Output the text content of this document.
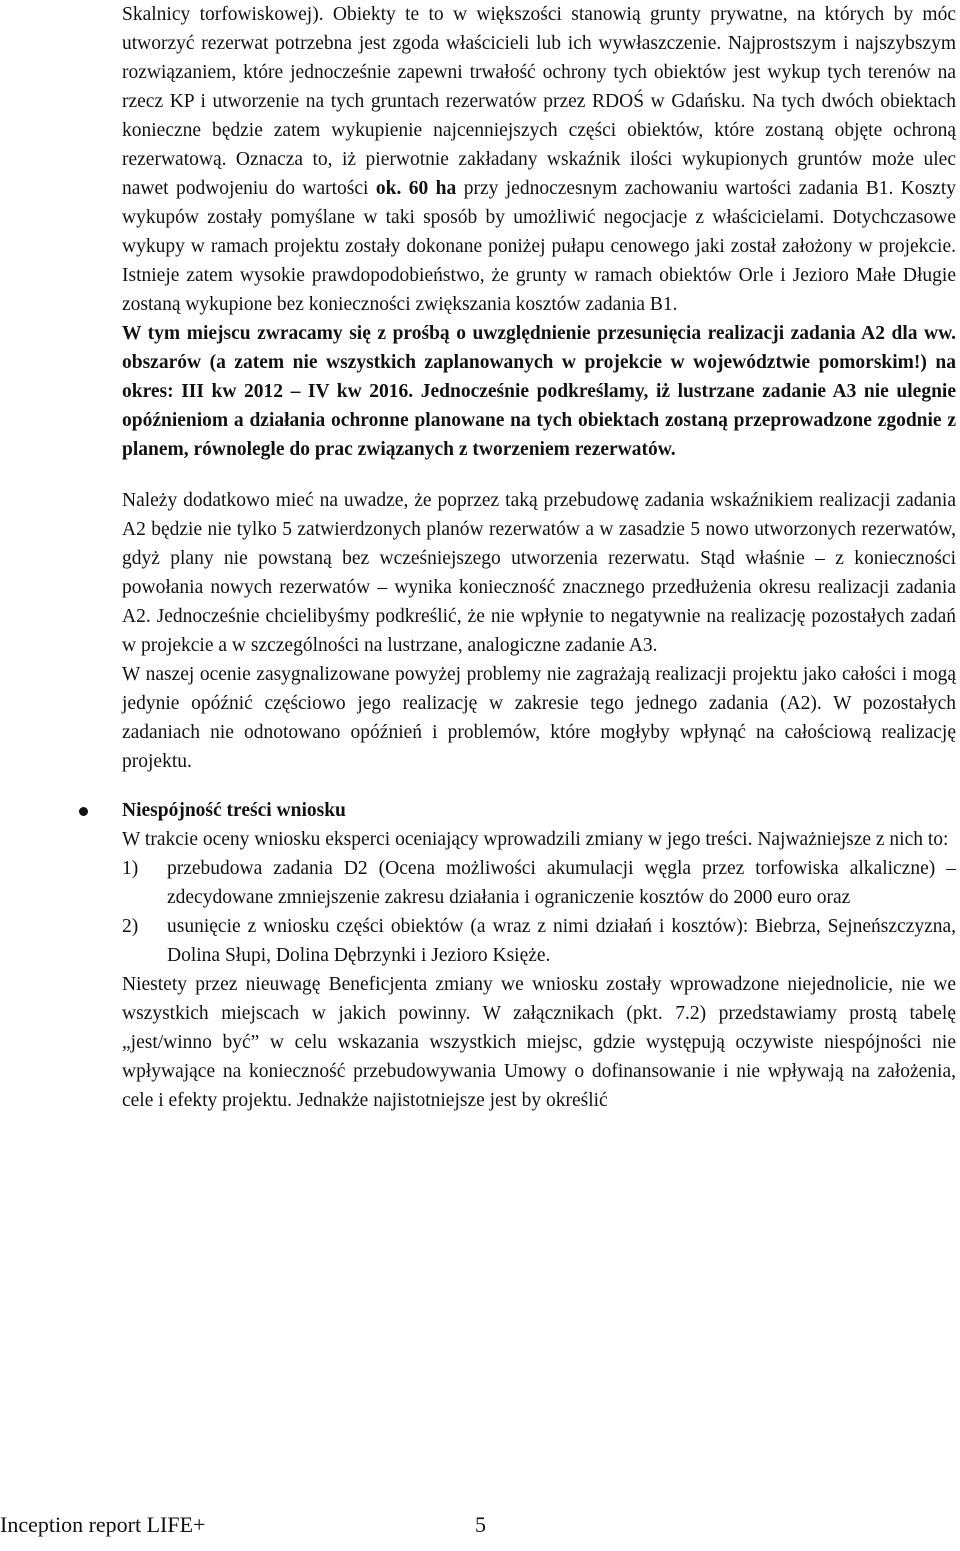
Skalnicy torfowiskowej). Obiekty te to w większości stanowią grunty prywatne, na których by móc utworzyć rezerwat potrzebna jest zgoda właścicieli lub ich wywłaszczenie. Najprostszym i najszybszym rozwiązaniem, które jednocześnie zapewni trwałość ochrony tych obiektów jest wykup tych terenów na rzecz KP i utworzenie na tych gruntach rezerwatów przez RDOŚ w Gdańsku. Na tych dwóch obiektach konieczne będzie zatem wykupienie najcenniejszych części obiektów, które zostaną objęte ochroną rezerwatową. Oznacza to, iż pierwotnie zakładany wskaźnik ilości wykupionych gruntów może ulec nawet podwojeniu do wartości ok. 60 ha przy jednoczesnym zachowaniu wartości zadania B1. Koszty wykupów zostały pomyślane w taki sposób by umożliwić negocjacje z właścicielami. Dotychczasowe wykupy w ramach projektu zostały dokonane poniżej pułapu cenowego jaki został założony w projekcie. Istnieje zatem wysokie prawdopodobieństwo, że grunty w ramach obiektów Orle i Jezioro Małe Długie zostaną wykupione bez konieczności zwiększania kosztów zadania B1.

W tym miejscu zwracamy się z prośbą o uwzględnienie przesunięcia realizacji zadania A2 dla ww. obszarów (a zatem nie wszystkich zaplanowanych w projekcie w województwie pomorskim!) na okres: III kw 2012 – IV kw 2016. Jednocześnie podkreślamy, iż lustrzane zadanie A3 nie ulegnie opóźnieniom a działania ochronne planowane na tych obiektach zostaną przeprowadzone zgodnie z planem, równolegle do prac związanych z tworzeniem rezerwatów.

Należy dodatkowo mieć na uwadze, że poprzez taką przebudowę zadania wskaźnikiem realizacji zadania A2 będzie nie tylko 5 zatwierdzonych planów rezerwatów a w zasadzie 5 nowo utworzonych rezerwatów, gdyż plany nie powstaną bez wcześniejszego utworzenia rezerwatu. Stąd właśnie – z konieczności powołania nowych rezerwatów – wynika konieczność znacznego przedłużenia okresu realizacji zadania A2. Jednocześnie chcielibyśmy podkreślić, że nie wpłynie to negatywnie na realizację pozostałych zadań w projekcie a w szczególności na lustrzane, analogiczne zadanie A3.

W naszej ocenie zasygnalizowane powyżej problemy nie zagrażają realizacji projektu jako całości i mogą jedynie opóźnić częściowo jego realizację w zakresie tego jednego zadania (A2). W pozostałych zadaniach nie odnotowano opóźnień i problemów, które mogłyby wpłynąć na całościową realizację projektu.

Niespójność treści wniosku

W trakcie oceny wniosku eksperci oceniający wprowadzili zmiany w jego treści. Najważniejsze z nich to:

1) przebudowa zadania D2 (Ocena możliwości akumulacji węgla przez torfowiska alkaliczne) – zdecydowane zmniejszenie zakresu działania i ograniczenie kosztów do 2000 euro oraz
2) usunięcie z wniosku części obiektów (a wraz z nimi działań i kosztów): Biebrza, Sejneńszczyzna, Dolina Słupi, Dolina Dębrzynki i Jezioro Księże.

Niestety przez nieuwagę Beneficjenta zmiany we wniosku zostały wprowadzone niejednolicie, nie we wszystkich miejscach w jakich powinny. W załącznikach (pkt. 7.2) przedstawiamy prostą tabelę „jest/winno być” w celu wskazania wszystkich miejsc, gdzie występują oczywiste niespójności nie wpływające na konieczność przebudowywania Umowy o dofinansowanie i nie wpływają na założenia, cele i efekty projektu. Jednakże najistotniejsze jest by określić

Inception report LIFE+	5
